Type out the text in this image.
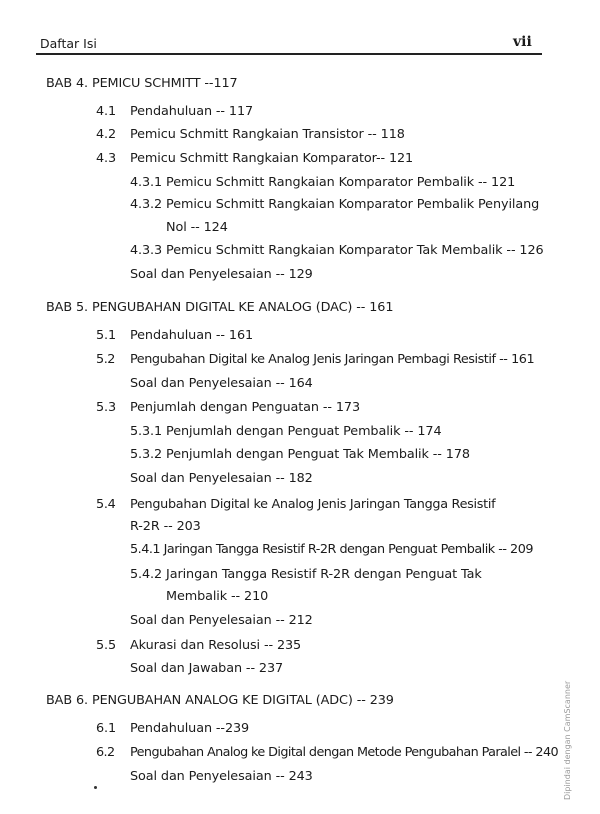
Daftar Isi	vii
BAB 4. PEMICU SCHMITT --117
4.1 Pendahuluan -- 117
4.2 Pemicu Schmitt Rangkaian Transistor -- 118
4.3 Pemicu Schmitt Rangkaian Komparator-- 121
4.3.1 Pemicu Schmitt Rangkaian Komparator Pembalik -- 121
4.3.2 Pemicu Schmitt Rangkaian Komparator Pembalik Penyilang
Nol -- 124
4.3.3 Pemicu Schmitt Rangkaian Komparator Tak Membalik -- 126
Soal dan Penyelesaian -- 129
BAB 5. PENGUBAHAN DIGITAL KE ANALOG (DAC) -- 161
5.1 Pendahuluan -- 161
5.2 Pengubahan Digital ke Analog Jenis Jaringan Pembagi Resistif -- 161
Soal dan Penyelesaian -- 164
5.3 Penjumlah dengan Penguatan -- 173
5.3.1 Penjumlah dengan Penguat Pembalik -- 174
5.3.2 Penjumlah dengan Penguat Tak Membalik -- 178
Soal dan Penyelesaian -- 182
5.4 Pengubahan Digital ke Analog Jenis Jaringan Tangga Resistif
R-2R -- 203
5.4.1 Jaringan Tangga Resistif R-2R dengan Penguat Pembalik -- 209
5.4.2 Jaringan Tangga Resistif R-2R dengan Penguat Tak
Membalik -- 210
Soal dan Penyelesaian -- 212
5.5 Akurasi dan Resolusi -- 235
Soal dan Jawaban -- 237
BAB 6. PENGUBAHAN ANALOG KE DIGITAL (ADC) -- 239
6.1 Pendahuluan --239
6.2 Pengubahan Analog ke Digital dengan Metode Pengubahan Paralel -- 240
Soal dan Penyelesaian -- 243	Dipindai dengan CamScanner
